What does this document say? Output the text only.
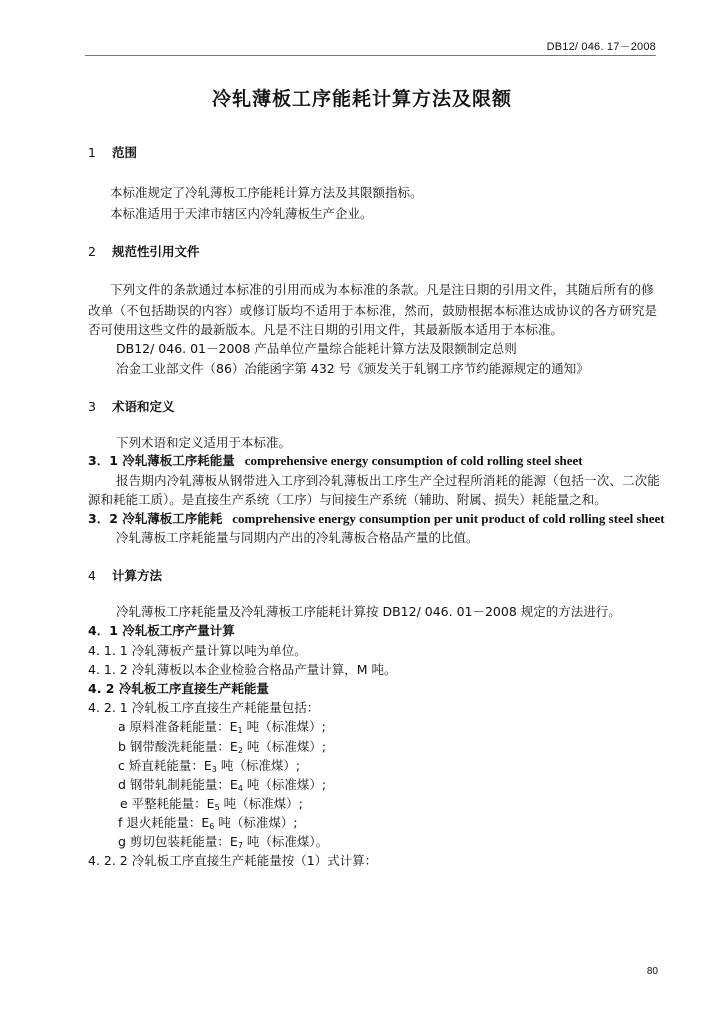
DB12/ 046. 17－2008
冷轧薄板工序能耗计算方法及限额
1 范围
本标准规定了冷轧薄板工序能耗计算方法及其限额指标。
本标准适用于天津市辖区内冷轧薄板生产企业。
2 规范性引用文件
下列文件的条款通过本标准的引用而成为本标准的条款。凡是注日期的引用文件，其随后所有的修
改单（不包括勘误的内容）或修订版均不适用于本标准，然而，鼓励根据本标准达成协议的各方研究是
否可使用这些文件的最新版本。凡是不注日期的引用文件，其最新版本适用于本标准。
DB12/ 046. 01－2008 产品单位产量综合能耗计算方法及限额制定总则
冶金工业部文件（86）冶能函字第 432 号《颁发关于轧钢工序节约能源规定的通知》
3 术语和定义
下列术语和定义适用于本标准。
3．1 冷轧薄板工序耗能量 comprehensive energy consumption of cold rolling steel sheet
报告期内冷轧薄板从钢带进入工序到冷轧薄板出工序生产全过程所消耗的能源（包括一次、二次能
源和耗能工质）。是直接生产系统（工序）与间接生产系统（辅助、附属、损失）耗能量之和。
3．2 冷轧薄板工序能耗 comprehensive energy consumption per unit product of cold rolling steel sheet
冷轧薄板工序耗能量与同期内产出的冷轧薄板合格品产量的比值。
4 计算方法
冷轧薄板工序耗能量及冷轧薄板工序能耗计算按 DB12/ 046. 01－2008 规定的方法进行。
4．1 冷轧板工序产量计算
4. 1. 1 冷轧薄板产量计算以吨为单位。
4. 1. 2 冷轧薄板以本企业检验合格品产量计算，M 吨。
4. 2 冷轧板工序直接生产耗能量
4. 2. 1 冷轧板工序直接生产耗能量包括：
a 原料准备耗能量：$E_1$ 吨（标准煤）;
b 钢带酸洗耗能量：$E_2$ 吨（标准煤）;
c 矫直耗能量：$E_3$ 吨（标准煤）;
d 钢带轧制耗能量：$E_4$ 吨（标准煤）;
e 平整耗能量：$E_5$ 吨（标准煤）;
f 退火耗能量：$E_6$ 吨（标准煤）;
g 剪切包装耗能量：$E_7$ 吨（标准煤）。
4. 2. 2 冷轧板工序直接生产耗能量按（1）式计算：
80
